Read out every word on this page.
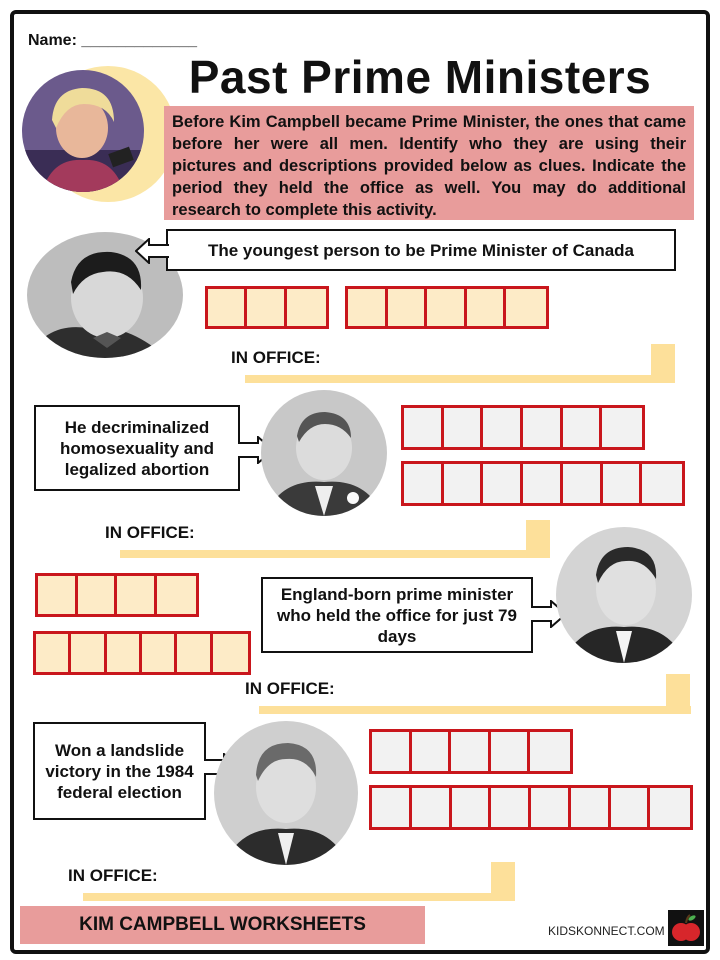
Name: _____________
Past Prime Ministers
Before Kim Campbell became Prime Minister, the ones that came before her were all men. Identify who they are using their pictures and descriptions provided below as clues. Indicate the period they held the office as well. You may do additional research to complete this activity.
The youngest person to be Prime Minister of Canada
IN OFFICE:
He decriminalized homosexuality and legalized abortion
IN OFFICE:
England-born prime minister who held the office for just 79 days
IN OFFICE:
Won a landslide victory in the 1984 federal election
IN OFFICE:
KIM CAMPBELL WORKSHEETS	KIDSKONNECT.COM
